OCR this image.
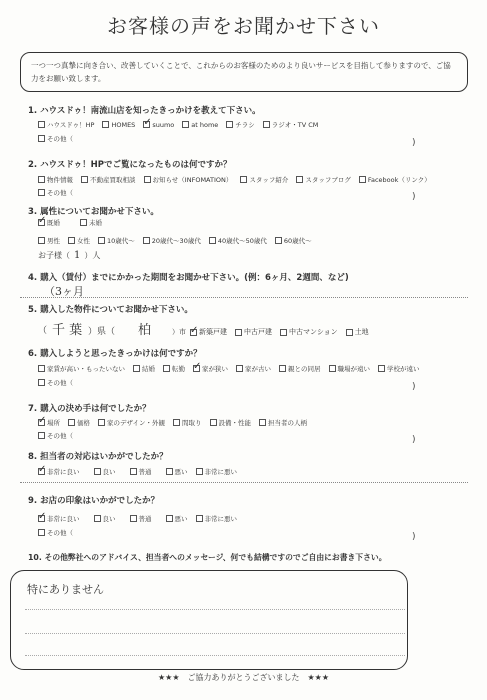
お客様の声をお聞かせ下さい
一つ一つ真摯に向き合い、改善していくことで、これからのお客様のためのより良いサービスを目指して参りますので、ご協力をお願い致します。
1. ハウスドゥ！南流山店を知ったきっかけを教えて下さい。
ハウスドゥ！HP	HOMES ✓	suumo	at home	チラシ	ラジオ・TV CM
その他（	)
2. ハウスドゥ！HPでご覧になったものは何ですか？
物件情報	不動産買取相談	お知らせ（INFOMATION）	スタッフ紹介	スタッフブログ	Facebook（リンク）
その他（	)
3. 属性についてお聞かせ下さい。
✓
既婚	未婚
男性	女性	10歳代～	20歳代～30歳代	40歳代～50歳代	60歳代～
お子様（ 1 ）人
4. 購入（賃付）までにかかった期間をお聞かせ下さい。(例：6ヶ月、2週間、など)
（3ヶ月
5. 購入した物件についてお聞かせ下さい。
（ 千 葉 ）県（ 柏	）市 ✓ 新築戸建 中古戸建 中古マンション 土地
6. 購入しようと思ったきっかけは何ですか？
家賃が高い・もったいない	結婚	転勤 ✓	家が狭い	家が古い	親との同居	職場が遠い	学校が遠い
その他（	)
7. 購入の決め手は何でしたか？
✓
場所	価格	家のデザイン・外観	間取り	設備・性能	担当者の人柄
その他（	)
8. 担当者の対応はいかがでしたか？
✓
非常に良い	良い	普通	悪い	非常に悪い
9. お店の印象はいかがでしたか？
✓
非常に良い	良い	普通	悪い	非常に悪い
その他（	)
10. その他弊社へのアドバイス、担当者へのメッセージ、何でも結構ですのでご自由にお書き下さい。
特にありません
★★★　ご協力ありがとうございました　★★★
